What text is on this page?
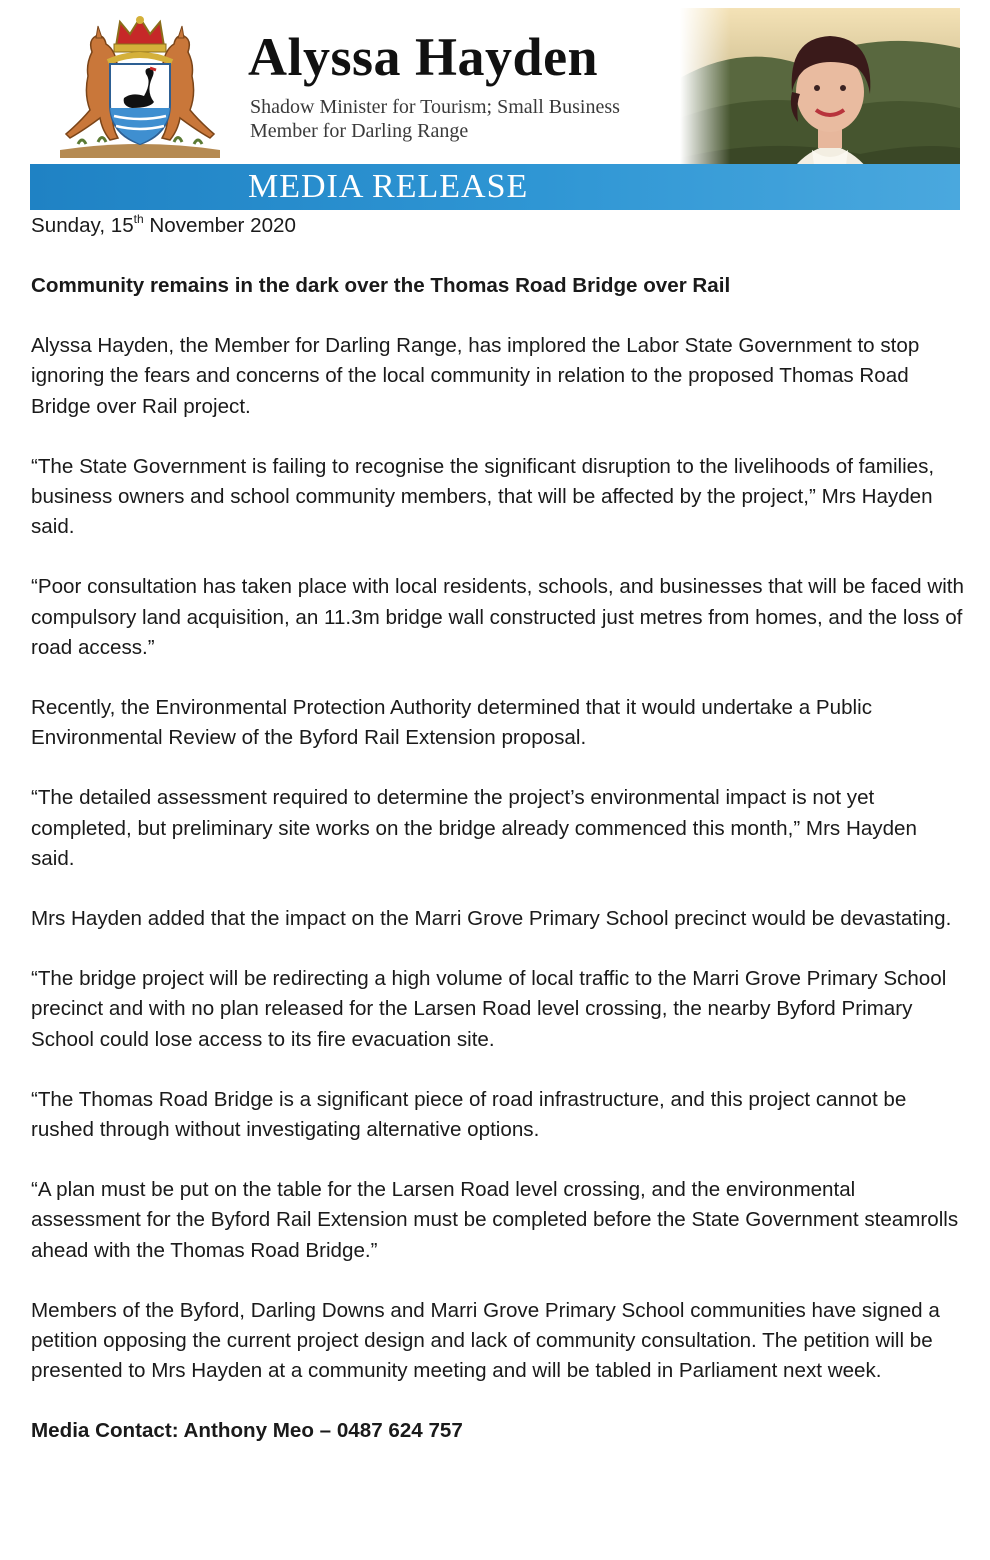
Alyssa Hayden
Shadow Minister for Tourism; Small Business
Member for Darling Range
MEDIA RELEASE

Sunday, 15th November 2020

Community remains in the dark over the Thomas Road Bridge over Rail

Alyssa Hayden, the Member for Darling Range, has implored the Labor State Government to stop ignoring the fears and concerns of the local community in relation to the proposed Thomas Road Bridge over Rail project.

“The State Government is failing to recognise the significant disruption to the livelihoods of families, business owners and school community members, that will be affected by the project,” Mrs Hayden said.

“Poor consultation has taken place with local residents, schools, and businesses that will be faced with compulsory land acquisition, an 11.3m bridge wall constructed just metres from homes, and the loss of road access.”

Recently, the Environmental Protection Authority determined that it would undertake a Public Environmental Review of the Byford Rail Extension proposal.

“The detailed assessment required to determine the project’s environmental impact is not yet completed, but preliminary site works on the bridge already commenced this month,” Mrs Hayden said.

Mrs Hayden added that the impact on the Marri Grove Primary School precinct would be devastating.

“The bridge project will be redirecting a high volume of local traffic to the Marri Grove Primary School precinct and with no plan released for the Larsen Road level crossing, the nearby Byford Primary School could lose access to its fire evacuation site.

“The Thomas Road Bridge is a significant piece of road infrastructure, and this project cannot be rushed through without investigating alternative options.

“A plan must be put on the table for the Larsen Road level crossing, and the environmental assessment for the Byford Rail Extension must be completed before the State Government steamrolls ahead with the Thomas Road Bridge.”

Members of the Byford, Darling Downs and Marri Grove Primary School communities have signed a petition opposing the current project design and lack of community consultation. The petition will be presented to Mrs Hayden at a community meeting and will be tabled in Parliament next week.

Media Contact: Anthony Meo – 0487 624 757
